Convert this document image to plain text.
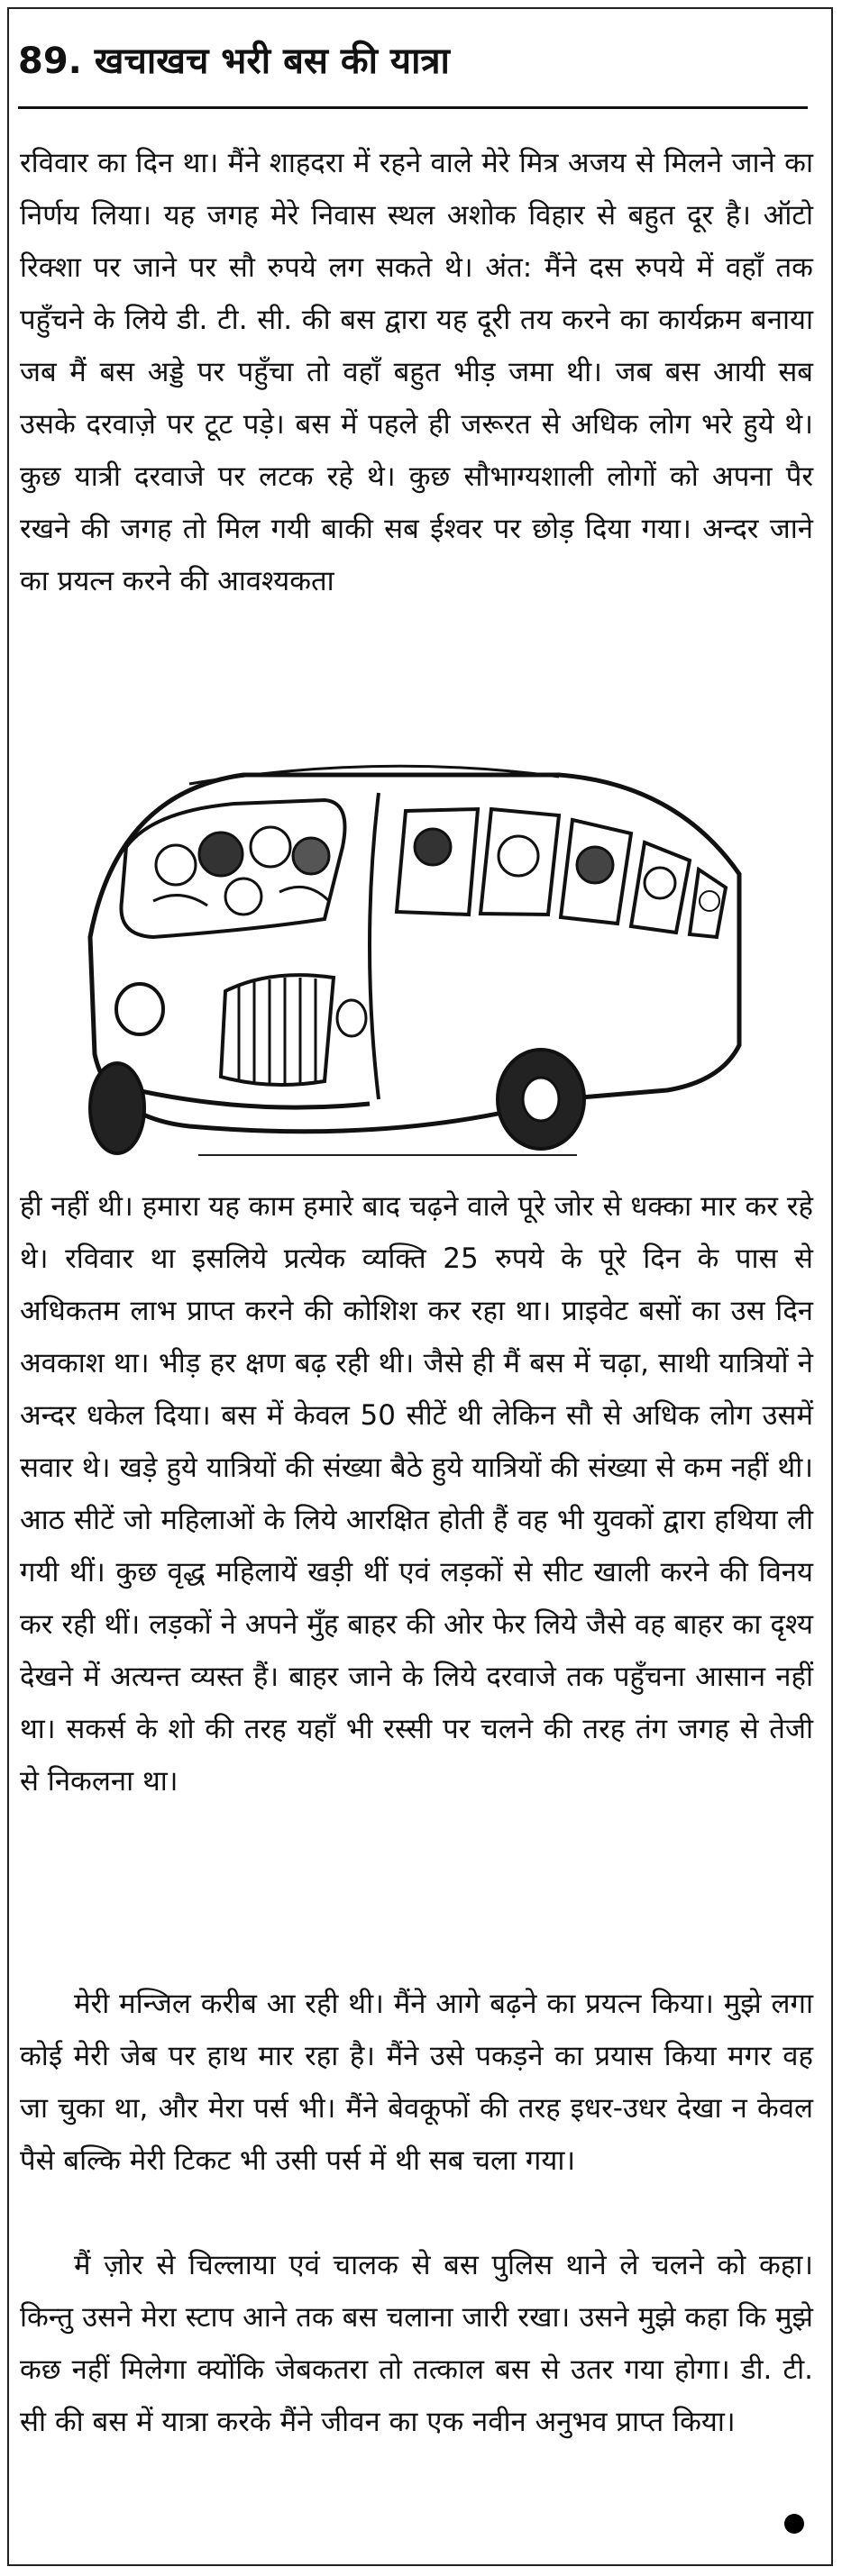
89. खचाखच भरी बस की यात्रा

रविवार का दिन था। मैंने शाहदरा में रहने वाले मेरे मित्र अजय से मिलने जाने का निर्णय लिया। यह जगह मेरे निवास स्थल अशोक विहार से बहुत दूर है। ऑटो रिक्शा पर जाने पर सौ रुपये लग सकते थे। अंत: मैंने दस रुपये में वहाँ तक पहुँचने के लिये डी. टी. सी. की बस द्वारा यह दूरी तय करने का कार्यक्रम बनाया जब मैं बस अड्डे पर पहुँचा तो वहाँ बहुत भीड़ जमा थी। जब बस आयी सब उसके दरवाज़े पर टूट पड़े। बस में पहले ही जरूरत से अधिक लोग भरे हुये थे। कुछ यात्री दरवाजे पर लटक रहे थे। कुछ सौभाग्यशाली लोगों को अपना पैर रखने की जगह तो मिल गयी बाकी सब ईश्वर पर छोड़ दिया गया। अन्दर जाने का प्रयत्न करने की आवश्यकता

ही नहीं थी। हमारा यह काम हमारे बाद चढ़ने वाले पूरे जोर से धक्का मार कर रहे थे। रविवार था इसलिये प्रत्येक व्यक्ति 25 रुपये के पूरे दिन के पास से अधिकतम लाभ प्राप्त करने की कोशिश कर रहा था। प्राइवेट बसों का उस दिन अवकाश था। भीड़ हर क्षण बढ़ रही थी। जैसे ही मैं बस में चढ़ा, साथी यात्रियों ने अन्दर धकेल दिया। बस में केवल 50 सीटें थी लेकिन सौ से अधिक लोग उसमें सवार थे। खड़े हुये यात्रियों की संख्या बैठे हुये यात्रियों की संख्या से कम नहीं थी। आठ सीटें जो महिलाओं के लिये आरक्षित होती हैं वह भी युवकों द्वारा हथिया ली गयी थीं। कुछ वृद्ध महिलायें खड़ी थीं एवं लड़कों से सीट खाली करने की विनय कर रही थीं। लड़कों ने अपने मुँह बाहर की ओर फेर लिये जैसे वह बाहर का दृश्य देखने में अत्यन्त व्यस्त हैं। बाहर जाने के लिये दरवाजे तक पहुँचना आसान नहीं था। सकर्स के शो की तरह यहाँ भी रस्सी पर चलने की तरह तंग जगह से तेजी से निकलना था।

मेरी मन्जिल करीब आ रही थी। मैंने आगे बढ़ने का प्रयत्न किया। मुझे लगा कोई मेरी जेब पर हाथ मार रहा है। मैंने उसे पकड़ने का प्रयास किया मगर वह जा चुका था, और मेरा पर्स भी। मैंने बेवकूफों की तरह इधर-उधर देखा न केवल पैसे बल्कि मेरी टिकट भी उसी पर्स में थी सब चला गया।

मैं ज़ोर से चिल्लाया एवं चालक से बस पुलिस थाने ले चलने को कहा। किन्तु उसने मेरा स्टाप आने तक बस चलाना जारी रखा। उसने मुझे कहा कि मुझे कछ नहीं मिलेगा क्योंकि जेबकतरा तो तत्काल बस से उतर गया होगा। डी. टी. सी की बस में यात्रा करके मैंने जीवन का एक नवीन अनुभव प्राप्त किया।
